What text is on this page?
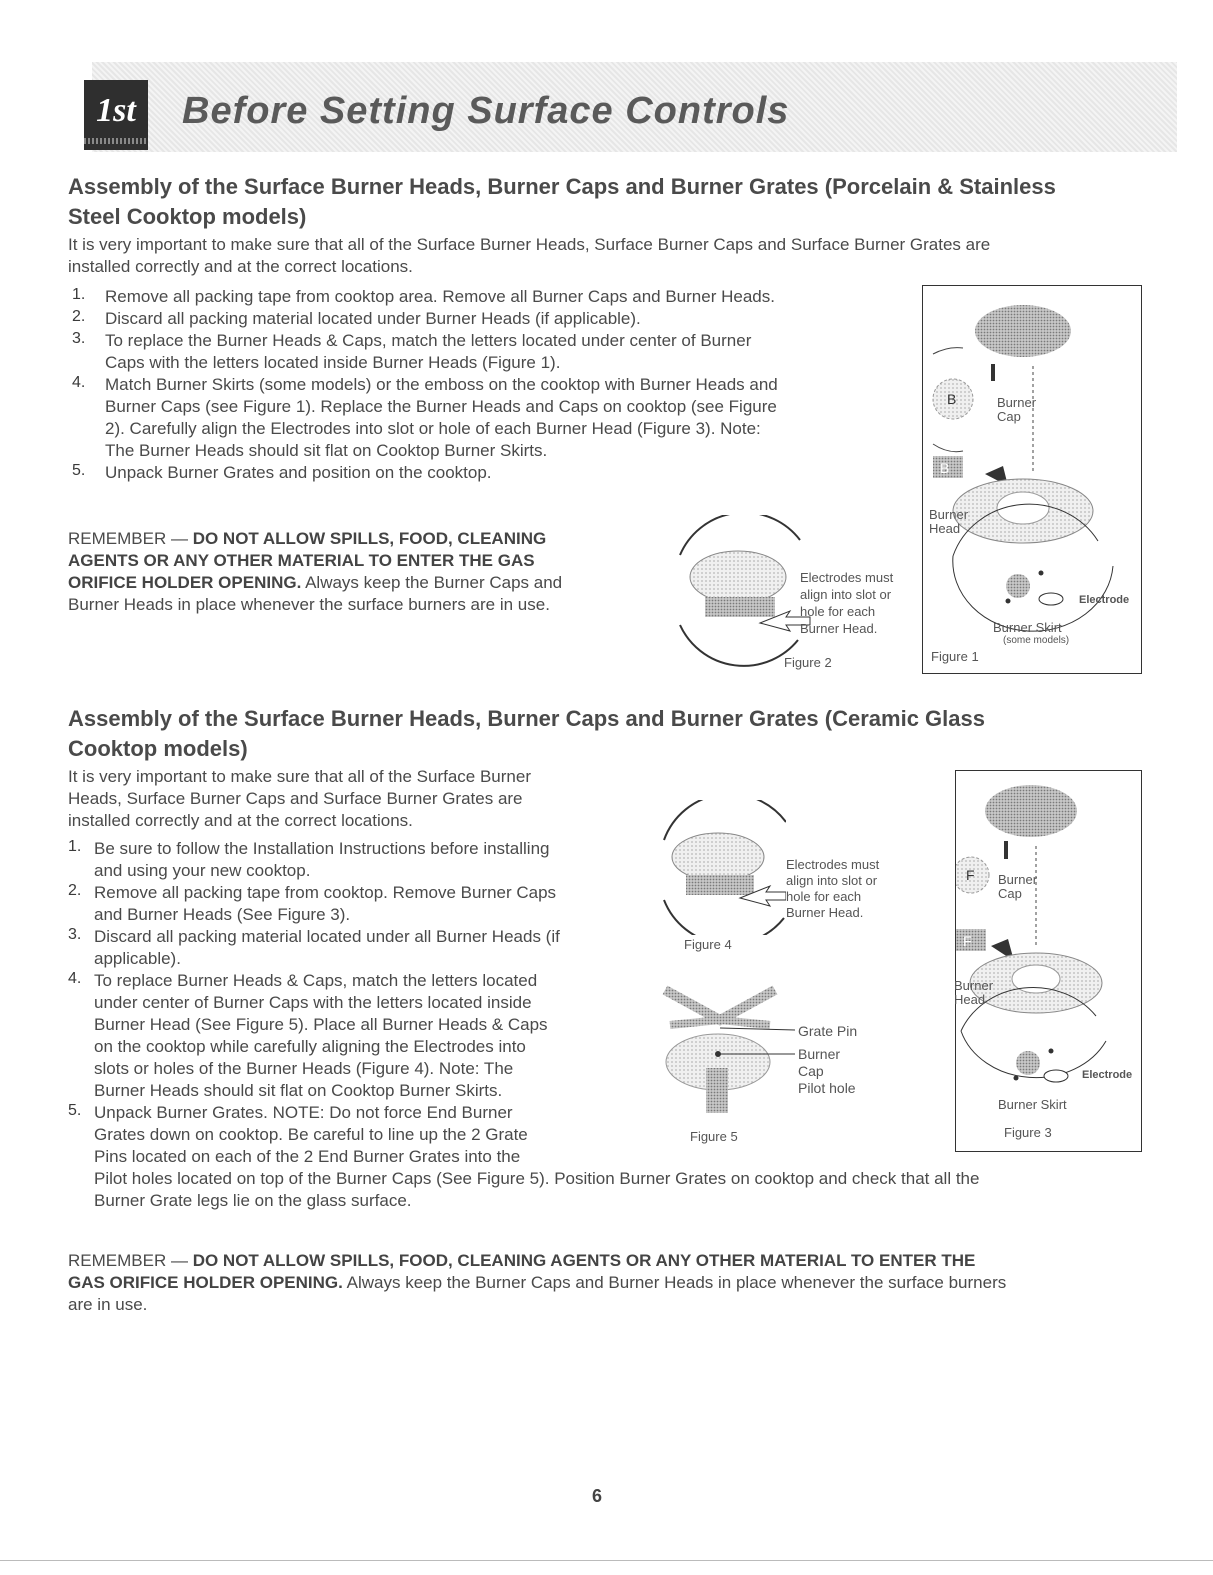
1st	Before Setting Surface Controls
Assembly of the Surface Burner Heads, Burner Caps and Burner Grates (Porcelain & Stainless
Steel Cooktop models)

It is very important to make sure that all of the Surface Burner Heads, Surface Burner Caps and Surface Burner Grates are

installed correctly and at the correct locations.

1. Remove all packing tape from cooktop area. Remove all Burner Caps and Burner Heads.

2. Discard all packing material located under Burner Heads (if applicable).

3. To replace the Burner Heads & Caps, match the letters located under center of Burner

Caps with the letters located inside Burner Heads (Figure 1).

4. Match Burner Skirts (some models) or the emboss on the cooktop with Burner Heads and

Burner Caps (see Figure 1). Replace the Burner Heads and Caps on cooktop (see Figure

2). Carefully align the Electrodes into slot or hole of each Burner Head (Figure 3). Note:

The Burner Heads should sit flat on Cooktop Burner Skirts.

5. Unpack Burner Grates and position on the cooktop.

REMEMBER — DO NOT ALLOW SPILLS, FOOD, CLEANING

AGENTS OR ANY OTHER MATERIAL TO ENTER THE GAS

ORIFICE HOLDER OPENING. Always keep the Burner Caps and

Burner Heads in place whenever the surface burners are in use.

Electrodes must
align into slot or
hole for each
Burner Head.
Figure 2
B
B
Burner
Cap
Burner
Head
Electrode
Burner Skirt
(some models)
Figure 1
Assembly of the Surface Burner Heads, Burner Caps and Burner Grates (Ceramic Glass
Cooktop models)

It is very important to make sure that all of the Surface Burner

Heads, Surface Burner Caps and Surface Burner Grates are

installed correctly and at the correct locations.

1. Be sure to follow the Installation Instructions before installing

and using your new cooktop.

2. Remove all packing tape from cooktop. Remove Burner Caps

and Burner Heads (See Figure 3).

3. Discard all packing material located under all Burner Heads (if

applicable).

4. To replace Burner Heads & Caps, match the letters located

under center of Burner Caps with the letters located inside

Burner Head (See Figure 5). Place all Burner Heads & Caps

on the cooktop while carefully aligning the Electrodes into

slots or holes of the Burner Heads (Figure 4). Note: The

Burner Heads should sit flat on Cooktop Burner Skirts.

5. Unpack Burner Grates. NOTE: Do not force End Burner

Grates down on cooktop. Be careful to line up the 2 Grate

Pins located on each of the 2 End Burner Grates into the

Pilot holes located on top of the Burner Caps (See Figure 5). Position Burner Grates on cooktop and check that all the

Burner Grate legs lie on the glass surface.

REMEMBER — DO NOT ALLOW SPILLS, FOOD, CLEANING AGENTS OR ANY OTHER MATERIAL TO ENTER THE

GAS ORIFICE HOLDER OPENING. Always keep the Burner Caps and Burner Heads in place whenever the surface burners

are in use.

Electrodes must
align into slot or
hole for each
Burner Head.
Figure 4
Grate Pin
Burner
Cap
Pilot hole
Figure 5
F
F
Burner
Cap
Burner
Head
Electrode
Burner Skirt
Figure 3
6
